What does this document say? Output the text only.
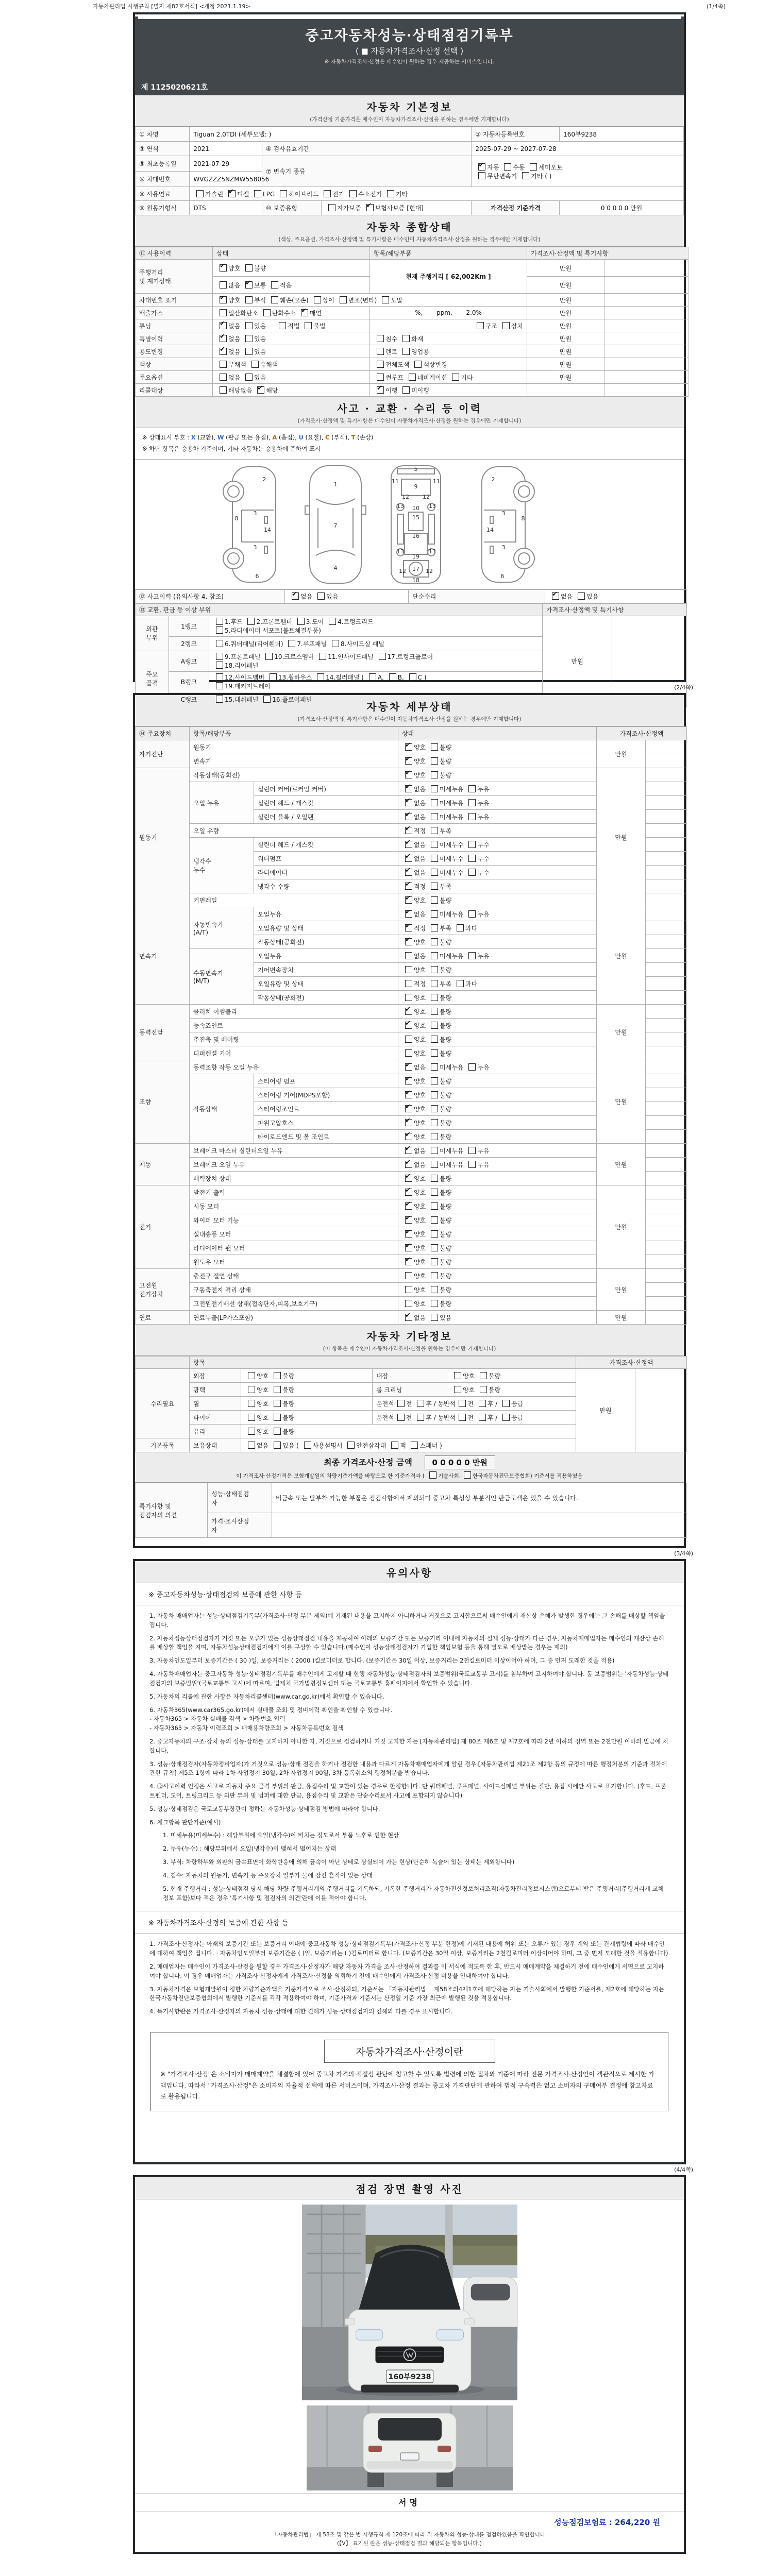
자동차관리법 시행규칙 [별지 제82호서식] <개정 2021.1.19>	(1/4쪽)
중고자동차성능·상태점검기록부
( ■ 자동차가격조사·산정 선택 )
※ 자동차가격조사·산정은 매수인이 원하는 경우 제공하는 서비스입니다.
제 1125020621호
자동차 기본정보
(가격산정 기준가격은 매수인이 자동차가격조사·산정을 원하는 경우에만 기재합니다)
① 차명	Tiguan 2.0TDI (세부모델: )			② 자동차등록번호	160부9238
③ 연식	2021	④ 검사유효기간		2025-07-29 ~ 2027-07-28	
⑤ 최초등록일	2021-07-29	⑦ 변속기 종류	✔자동 수동 세미오토
무단변속기 기타 ( )
⑥ 차대번호	WVGZZZ5NZMW558056				
⑧ 사용연료	가솔린 ✔디젤 LPG 하이브리드 전기 수소전기 기타
⑨ 원동기형식	DTS	⑩ 보증유형	자가보증 ✔보험사보증 [현대]	가격산정 기준가격	0 0 0 0 0 만원
자동차 종합상태
(색상, 주요옵션, 가격조사·산정액 및 특기사항은 매수인이 자동차가격조사·산정을 원하는 경우에만 기재합니다)
⑪ 사용이력	상태	항목/해당부품	가격조사·산정액 및 특기사항	
주행거리
및 계기상태	✔양호 불량	현재 주행거리 [ 62,002Km ]	만원	
	많음 ✔보통 적음		만원	
차대번호 표기	✔양호 부식 훼손(오손) 상이 변조(변타) 도말		만원	
배출가스	일산화탄소 탄화수소 ✔매연	%,       ppm,       2.0%	만원	
튜닝	✔없음 있음     적법 불법	구조 장치	만원	
특별이력	✔없음 있음	침수 화재	만원	
용도변경	✔없음 있음	렌트 영업용	만원	
색상	무채색 유채색	전체도색 색상변경	만원	
주요옵션	없음 있음	썬루프 네비게이션 기타	만원	
리콜대상	해당없음 ✔해당	✔이행 미이행		
사고 · 교환 · 수리 등 이력
(가격조사·산정액 및 특기사항은 매수인이 자동차가격조사·산정을 원하는 경우에만 기재합니다)
※ 상태표시 부호 : X (교환), W (판금 또는 용접), A (흠집), U (요철), C (부식), T (손상)
※ 하단 항목은 승용차 기준이며, 기타 자동차는 승용차에 준하여 표시
2
8
3
14
3
6
1
7
4
5
9
11	11
13	13
12 12
10
15
16
19
13	13
12	12
17
18
2
8
3
14
3
6
⑫ 사고이력 (유의사항 4. 참조)	✔없음 있음	단순수리	✔없음 있음
⑬ 교환, 판금 등 이상 부위			가격조사·산정액 및 특기사항	
외판
부위	1랭크	1.후드 2.프론트휀더 3.도어 4.트렁크리드
5.라디에이터 서포트(볼트체결부품)	만원	
	2랭크	6.쿼터패널(리어휀더) 7.루프패널 8.사이드실 패널		
주요
골격	A랭크	9.프론트패널 10.크로스멤버 11.인사이드패널 17.트렁크플로어
18.리어패널		
	B랭크	12.사이드멤버 13.휠하우스 14.필러패널 ( A, B, C )
19.패키지트레이		
	C랭크	15.대쉬패널 16.플로어패널		
(2/4쪽)
자동차 세부상태
(가격조사·산정액 및 특기사항은 매수인이 자동차가격조사·산정을 원하는 경우에만 기재합니다)
⑭ 주요장치	항목/해당부품		상태	가격조사·산정액	
자기진단	원동기	✔양호 불량	만원	
	변속기	✔양호 불량	
원동기	작동상태(공회전)	✔양호 불량	만원	
	오일 누유	실린더 커버(로커암 커버)	✔없음 미세누유 누유	
		실린더 헤드 / 개스킷	✔없음 미세누유 누유	
		실린더 블록 / 오일팬	✔없음 미세누유 누유	
	오일 유량	✔적정 부족	
	냉각수
누수	실린더 헤드 / 개스킷	✔없음 미세누수 누수	
		워터펌프	✔없음 미세누수 누수	
		라디에이터	✔없음 미세누수 누수	
		냉각수 수량	✔적정 부족	
	커먼레일	✔양호 불량	
변속기	자동변속기
(A/T)	오일누유	✔없음 미세누유 누유	만원	
		오일유량 및 상태	✔적정 부족 과다	
		작동상태(공회전)	✔양호 불량	
	수동변속기
(M/T)	오일누유	없음 미세누유 누유		
		기어변속장치	양호 불량		
		오일유량 및 상태	적정 부족 과다		
		작동상태(공회전)	양호 불량		
동력전달	클러치 어셈블리	✔양호 불량	만원	
	등속죠인트	✔양호 불량	
	추진축 및 베어링		양호 불량		
	디퍼렌셜 기어		양호 불량		
조향	동력조향 작동 오일 누유	✔없음 미세누유 누유	만원	
	작동상태	스티어링 펌프	✔양호 불량	
		스티어링 기어(MDPS포함)	✔양호 불량	
		스티어링조인트	✔양호 불량	
		파워고압호스	✔양호 불량	
		타이로드엔드 및 볼 조인트	✔양호 불량	
제동	브레이크 마스터 실린더오일 누유	✔없음 미세누유 누유	만원	
	브레이크 오일 누유	✔없음 미세누유 누유	
	배력장치 상태	✔양호 불량	
전기	발전기 출력	✔양호 불량	만원	
	시동 모터	✔양호 불량	
	와이퍼 모터 기능	✔양호 불량	
	실내송풍 모터	✔양호 불량	
	라디에이터 팬 모터	✔양호 불량	
	윈도우 모터	✔양호 불량	
고전원
전기장치	충전구 절연 상태		양호 불량	만원	
	구동축전지 격리 상태		양호 불량		
	고전원전기배선 상태(접속단자,피복,보호기구)		양호 불량		
연료	연료누출(LP가스포함)	✔없음 있음	만원	
자동차 기타정보
(이 항목은 매수인이 자동차가격조사·산정을 원하는 경우에만 기재합니다)
	항목				가격조사·산정액	
수리필요	외장	양호 불량	내장	양호 불량	만원	
	광택	양호 불량	룸 크리닝	양호 불량		
	휠	양호 불량	운전석 전 후 / 동반석 전 후 / 응급			
	타이어	양호 불량	운전석 전 후 / 동반석 전 후 / 응급			
	유리	양호 불량				
기본품목	보유상태	없음 있음 ( 사용설명서 안전삼각대 잭 스패너 )				
최종 가격조사·산정 금액	0 0 0 0 0 만원
이 가격조사·산정가격은 보험개발원의 차량기준가액을 바탕으로 한 기준가격과 ( 기술사회, 한국자동차진단보증협회) 기준서를 적용하였음
특기사항 및
점검자의 의견	성능·상태점검
자	비금속 또는 탈부착 가능한 부품은 점검사항에서 제외되며 중고차 특성상 부분적인 판금도색은 있을 수 있습니다.
	가격·조사산정
자	
(3/4쪽)
유의사항
※ 중고자동차성능·상태점검의 보증에 관한 사항 등
1. 자동차 매매업자는 성능·상태점검기록부(가격조사·산정 부분 제외)에 기재된 내용을 고지하지 아니하거나 거짓으로 고지함으로써 매수인에게 재산상 손해가 발생한 경우에는 그 손해를 배상할 책임을 집니다.
2. 자동차성능상태점검자가 거짓 또는 오류가 있는 성능상태점검 내용을 제공하여 아래의 보증기간 또는 보증거리 이내에 자동차의 실제 성능·상태가 다른 경우, 자동차매매업자는 매수인의 재산상 손해를 배상할 책임을 지며, 자동차성능상태점검자에게 이를 구상할 수 있습니다.(매수인이 성능상태점검자가 가입한 책임보험 등을 통해 별도로 배상받는 경우는 제외)
3. 자동차인도일부터 보증기간은 ( 30 )일, 보증거리는 ( 2000 )킬로미터로 합니다. (보증기간은 30일 이상, 보증거리는 2천킬로미터 이상이어야 하며, 그 중 먼저 도래한 것을 적용)
4. 자동차매매업자는 중고자동차 성능·상태점검기록부를 매수인에게 고지할 때 현행 자동차성능·상태점검자의 보증범위(국토교통부 고시)를 첨부하여 고지하여야 합니다. 동 보증범위는 '자동차성능·상태점검자의 보증범위'(국토교통부 고시)에 따르며, 법제처 국가법령정보센터 또는 국토교통부 홈페이지에서 확인할 수 있습니다.
5. 자동차의 리콜에 관한 사항은 자동차리콜센터(www.car.go.kr)에서 확인할 수 있습니다.
6. 자동차365(www.car365.go.kr)에서 실매물 조회 및 정비이력 확인을 확인할 수 있습니다.
- 자동차365 > 자동차 실매물 검색 > 차량번호 입력
- 자동차365 > 자동차 이력조회 > 매매용차량조회 > 자동차등록번호 검색
2. 중고자동차의 구조·장치 등의 성능·상태를 고지하지 아니한 자, 거짓으로 점검하거나 거짓 고지한 자는 [자동차관리법] 제 80조 제6호 및 제7호에 따라 2년 이하의 징역 또는 2천만원 이하의 벌금에 처합니다.
3. 성능·상태점검자(자동차정비업자)가 거짓으로 성능·상태 점검을 하거나 점검한 내용과 다르게 자동차매매업자에게 알린 경우 [자동차관리법 제21조 제2항 등의 규정에 따른 행정처분의 기준과 절차에 관한 규칙] 제5조 1항에 따라 1차 사업정지 30일, 2차 사업정지 90일, 3차 등록취소의 행정처분을 받습니다.
4. ⑫사고이력 인정은 사고로 자동차 주요 골격 부위의 판금, 용접수리 및 교환이 있는 경우로 한정합니다. 단 쿼터패널, 루프패널, 사이드실패널 부위는 절단, 용접 시에만 사고로 표기합니다. (후드, 프론트펜더, 도어, 트렁크리드 등 외판 부위 및 범퍼에 대한 판금, 용접수리 및 교환은 단순수리로서 사고에 포함되지 않습니다)
5. 성능·상태점검은 국토교통부장관이 정하는 자동차성능·상태점검 방법에 따라야 합니다.
6. 체크항목 판단기준(예시)
1. 미세누유(미세누수) : 해당부위에 오일(냉각수)이 비치는 정도로서 부품 노후로 인한 현상
2. 누유(누수) : 해당부위에서 오일(냉각수)이 맺혀서 떨어지는 상태
3. 부식: 차량하부와 외판의 금속표면이 화학반응에 의해 금속이 아닌 상태로 상실되어 가는 현상(단순히 녹슬어 있는 상태는 제외합니다)
4. 침수: 자동차의 원동기, 변속기 등 주요장치 일부가 물에 잠긴 흔적이 있는 상태
5. 현재 주행거리 : 성능·상태점검 당시 해당 차량 주행거리계의 주행거리를 기록하되, 기록한 주행거리가 자동차전산정보처리조직(자동차관리정보시스템)으로부터 받은 주행거리(주행거리계 교체 정보 포함)보다 적은 경우 '특기사항 및 점검자의 의견'란에 이를 적어야 합니다.
※ 자동차가격조사·산정의 보증에 관한 사항 등
1. 가격조사·산정자는 아래의 보증기간 또는 보증거리 이내에 중고자동차 성능·상태점검기록부(가격조사·산정 부분 한정)에 기재된 내용에 허위 또는 오류가 있는 경우 계약 또는 관계법령에 따라 매수인에 대하여 책임을 집니다. · 자동차인도일부터 보증기간은 ( )일, 보증거리는 ( )킬로미터로 합니다. (보증기간은 30일 이상, 보증거리는 2천킬로미터 이상이어야 하며, 그 중 먼저 도래한 것을 적용합니다)
2. 매매업자는 매수인이 가격조사·산정을 원할 경우 가격조사·산정자가 해당 자동차 가격을 조사·산정하여 결과를 이 서식에 적도록 한 후, 반드시 매매계약을 체결하기 전에 매수인에게 서면으로 고지하여야 합니다. 이 경우 매매업자는 가격조사·산정자에게 가격조사·산정을 의뢰하기 전에 매수인에게 가격조사·산정 비용을 안내하여야 합니다.
3. 자동차가격은 보험개발원이 정한 차량기준가액을 기준가격으로 조사·산정하되, 기준서는 「자동차관리법」 제58조의4제1호에 해당하는 자는 기술사회에서 발행한 기준서를, 제2호에 해당하는 자는 한국자동차진단보증협회에서 발행한 기준서를 각각 적용하여야 하며, 기준가격과 기준서는 산정일 기준 가장 최근에 발행된 것을 적용합니다.
4. 특기사항란은 가격조사·산정자의 자동차 성능·상태에 대한 견해가 성능·상태점검자의 견해와 다를 경우 표시합니다.
자동차가격조사·산정이란

※ "가격조사·산정"은 소비자가 매매계약을 체결함에 있어 중고차 가격의 적절성 판단에 참고할 수 있도록 법령에 의한 절차와 기준에 따라 전문 가격조사·산정인이 객관적으로 제시한 가액입니다. 따라서 "가격조사·산정"은 소비자의 자율적 선택에 따른 서비스이며, 가격조사·산정 결과는 중고차 가격판단에 관하여 법적 구속력은 없고 소비자의 구매여부 결정에 참고자료로 활용됩니다.

(4/4쪽)
점검 장면 촬영 사진
160부9238
서명
성능점검보험료 : 264,220 원
「자동차관리법」 제 58조 및 같은 법 시행규칙 제 120조에 따라 위 자동차의 성능·상태를 점검하였음을 확인합니다.
(【V】 표기된 란은 성능·상태점검 결과 해당되는 항목입니다.)
